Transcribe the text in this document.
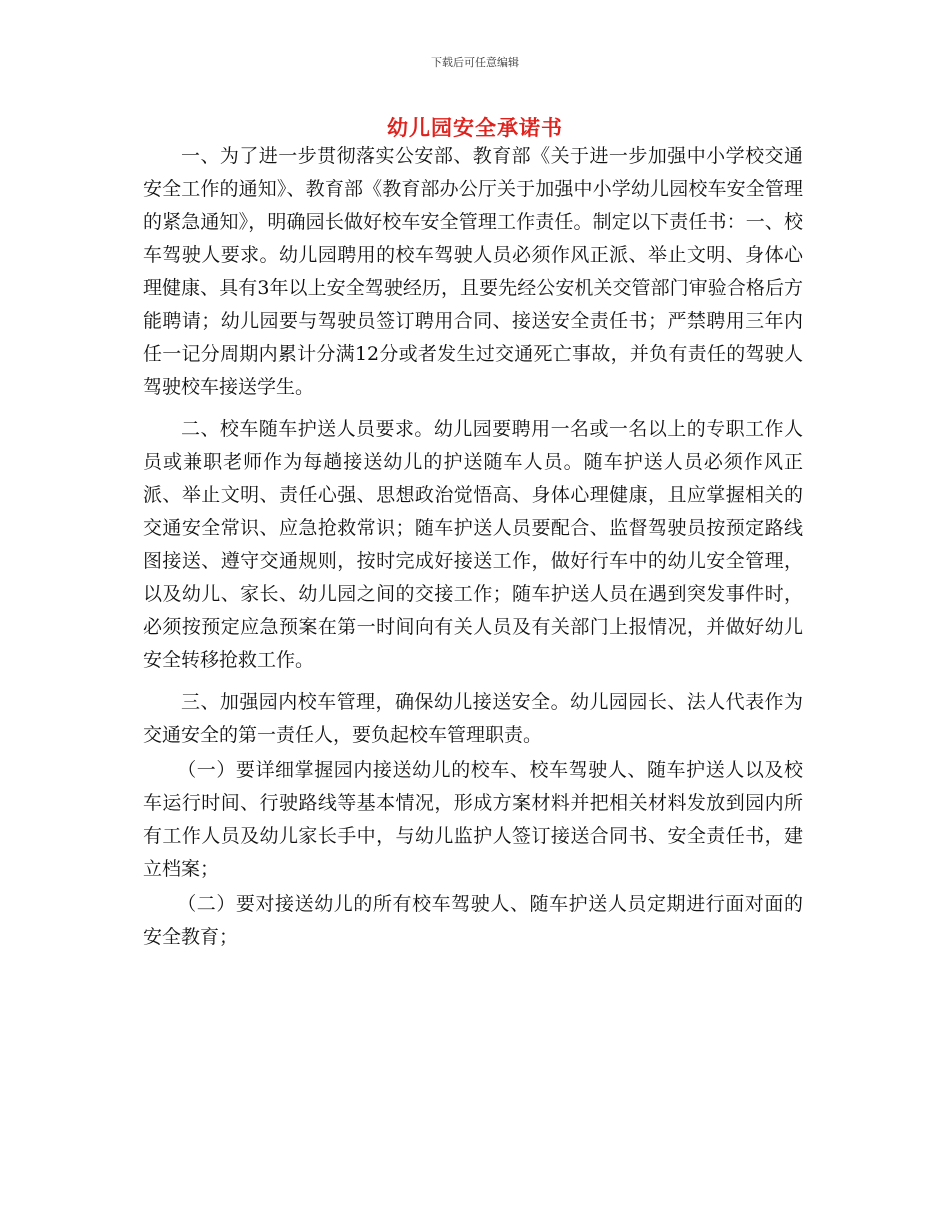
下载后可任意编辑
幼儿园安全承诺书

一、为了进一步贯彻落实公安部、教育部《关于进一步加强中小学校交通安全工作的通知》、教育部《教育部办公厅关于加强中小学幼儿园校车安全管理的紧急通知》，明确园长做好校车安全管理工作责任。制定以下责任书：一、校车驾驶人要求。幼儿园聘用的校车驾驶人员必须作风正派、举止文明、身体心理健康、具有3年以上安全驾驶经历，且要先经公安机关交管部门审验合格后方能聘请；幼儿园要与驾驶员签订聘用合同、接送安全责任书；严禁聘用三年内任一记分周期内累计分满12分或者发生过交通死亡事故，并负有责任的驾驶人驾驶校车接送学生。

二、校车随车护送人员要求。幼儿园要聘用一名或一名以上的专职工作人员或兼职老师作为每趟接送幼儿的护送随车人员。随车护送人员必须作风正派、举止文明、责任心强、思想政治觉悟高、身体心理健康，且应掌握相关的交通安全常识、应急抢救常识；随车护送人员要配合、监督驾驶员按预定路线图接送、遵守交通规则，按时完成好接送工作，做好行车中的幼儿安全管理，以及幼儿、家长、幼儿园之间的交接工作；随车护送人员在遇到突发事件时，必须按预定应急预案在第一时间向有关人员及有关部门上报情况，并做好幼儿安全转移抢救工作。

三、加强园内校车管理，确保幼儿接送安全。幼儿园园长、法人代表作为交通安全的第一责任人，要负起校车管理职责。

（一）要详细掌握园内接送幼儿的校车、校车驾驶人、随车护送人以及校车运行时间、行驶路线等基本情况，形成方案材料并把相关材料发放到园内所有工作人员及幼儿家长手中，与幼儿监护人签订接送合同书、安全责任书，建立档案；

（二）要对接送幼儿的所有校车驾驶人、随车护送人员定期进行面对面的安全教育；
